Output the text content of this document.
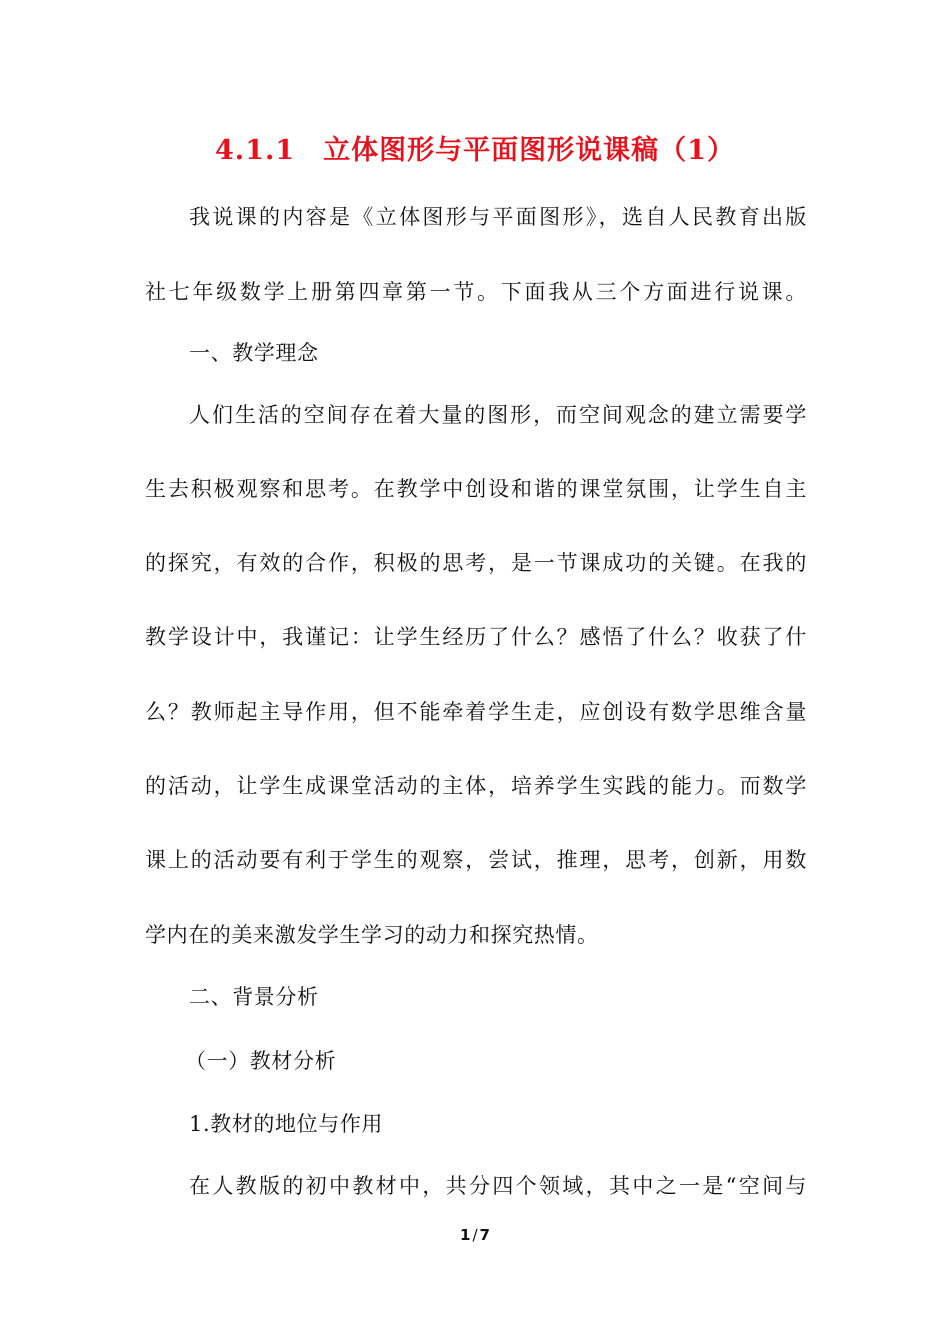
4.1.1　立体图形与平面图形说课稿（1）
我说课的内容是《立体图形与平面图形》，选自人民教育出版
社七年级数学上册第四章第一节。下面我从三个方面进行说课。
一、教学理念
人们生活的空间存在着大量的图形，而空间观念的建立需要学
生去积极观察和思考。在教学中创设和谐的课堂氛围，让学生自主
的探究，有效的合作，积极的思考，是一节课成功的关键。在我的
教学设计中，我谨记：让学生经历了什么？感悟了什么？收获了什
么？教师起主导作用，但不能牵着学生走，应创设有数学思维含量
的活动，让学生成课堂活动的主体，培养学生实践的能力。而数学
课上的活动要有利于学生的观察，尝试，推理，思考，创新，用数
学内在的美来激发学生学习的动力和探究热情。
二、背景分析
（一）教材分析
1.教材的地位与作用
在人教版的初中教材中，共分四个领域，其中之一是“空间与
1 / 7
